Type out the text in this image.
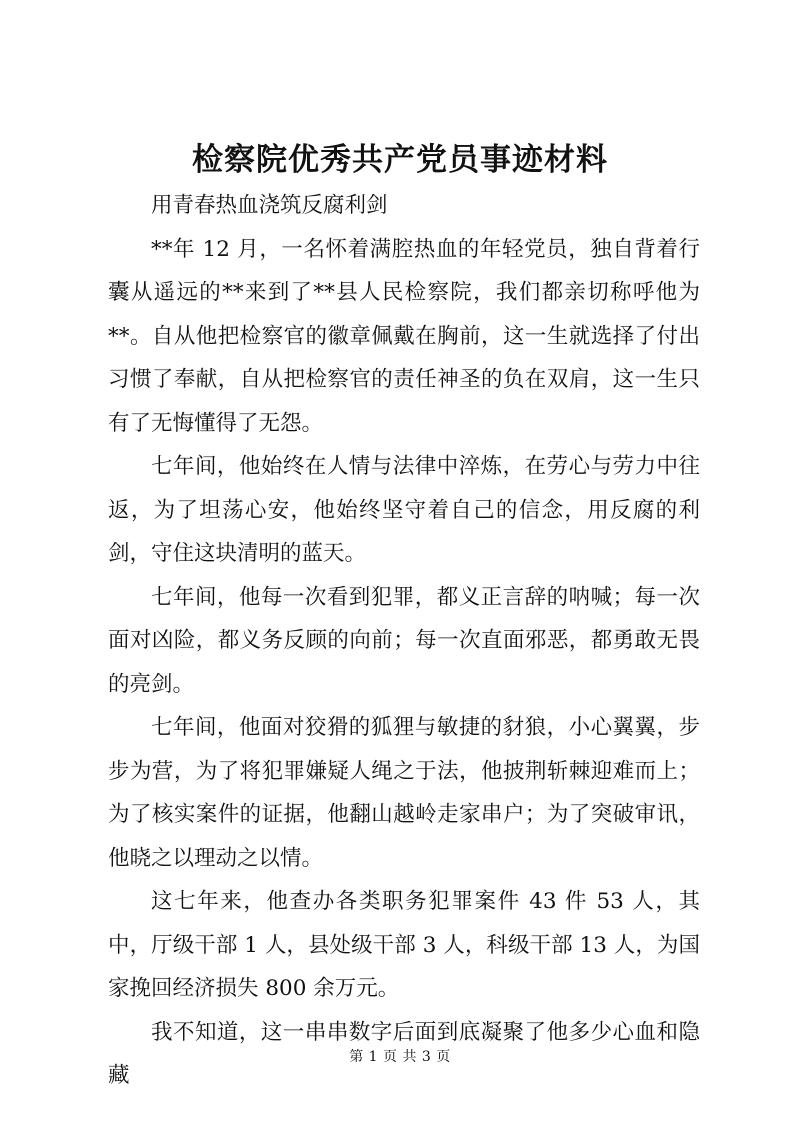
检察院优秀共产党员事迹材料

用青春热血浇筑反腐利剑

**年 12 月，一名怀着满腔热血的年轻党员，独自背着行囊从遥远的**来到了**县人民检察院，我们都亲切称呼他为**。自从他把检察官的徽章佩戴在胸前，这一生就选择了付出习惯了奉献，自从把检察官的责任神圣的负在双肩，这一生只有了无悔懂得了无怨。

七年间，他始终在人情与法律中淬炼，在劳心与劳力中往返，为了坦荡心安，他始终坚守着自己的信念，用反腐的利剑，守住这块清明的蓝天。

七年间，他每一次看到犯罪，都义正言辞的呐喊；每一次面对凶险，都义务反顾的向前；每一次直面邪恶，都勇敢无畏的亮剑。

七年间，他面对狡猾的狐狸与敏捷的豺狼，小心翼翼，步步为营，为了将犯罪嫌疑人绳之于法，他披荆斩棘迎难而上；为了核实案件的证据，他翻山越岭走家串户；为了突破审讯，他晓之以理动之以情。

这七年来，他查办各类职务犯罪案件 43 件 53 人，其中，厅级干部 1 人，县处级干部 3 人，科级干部 13 人，为国家挽回经济损失 800 余万元。

我不知道，这一串串数字后面到底凝聚了他多少心血和隐藏

第 1 页 共 3 页
